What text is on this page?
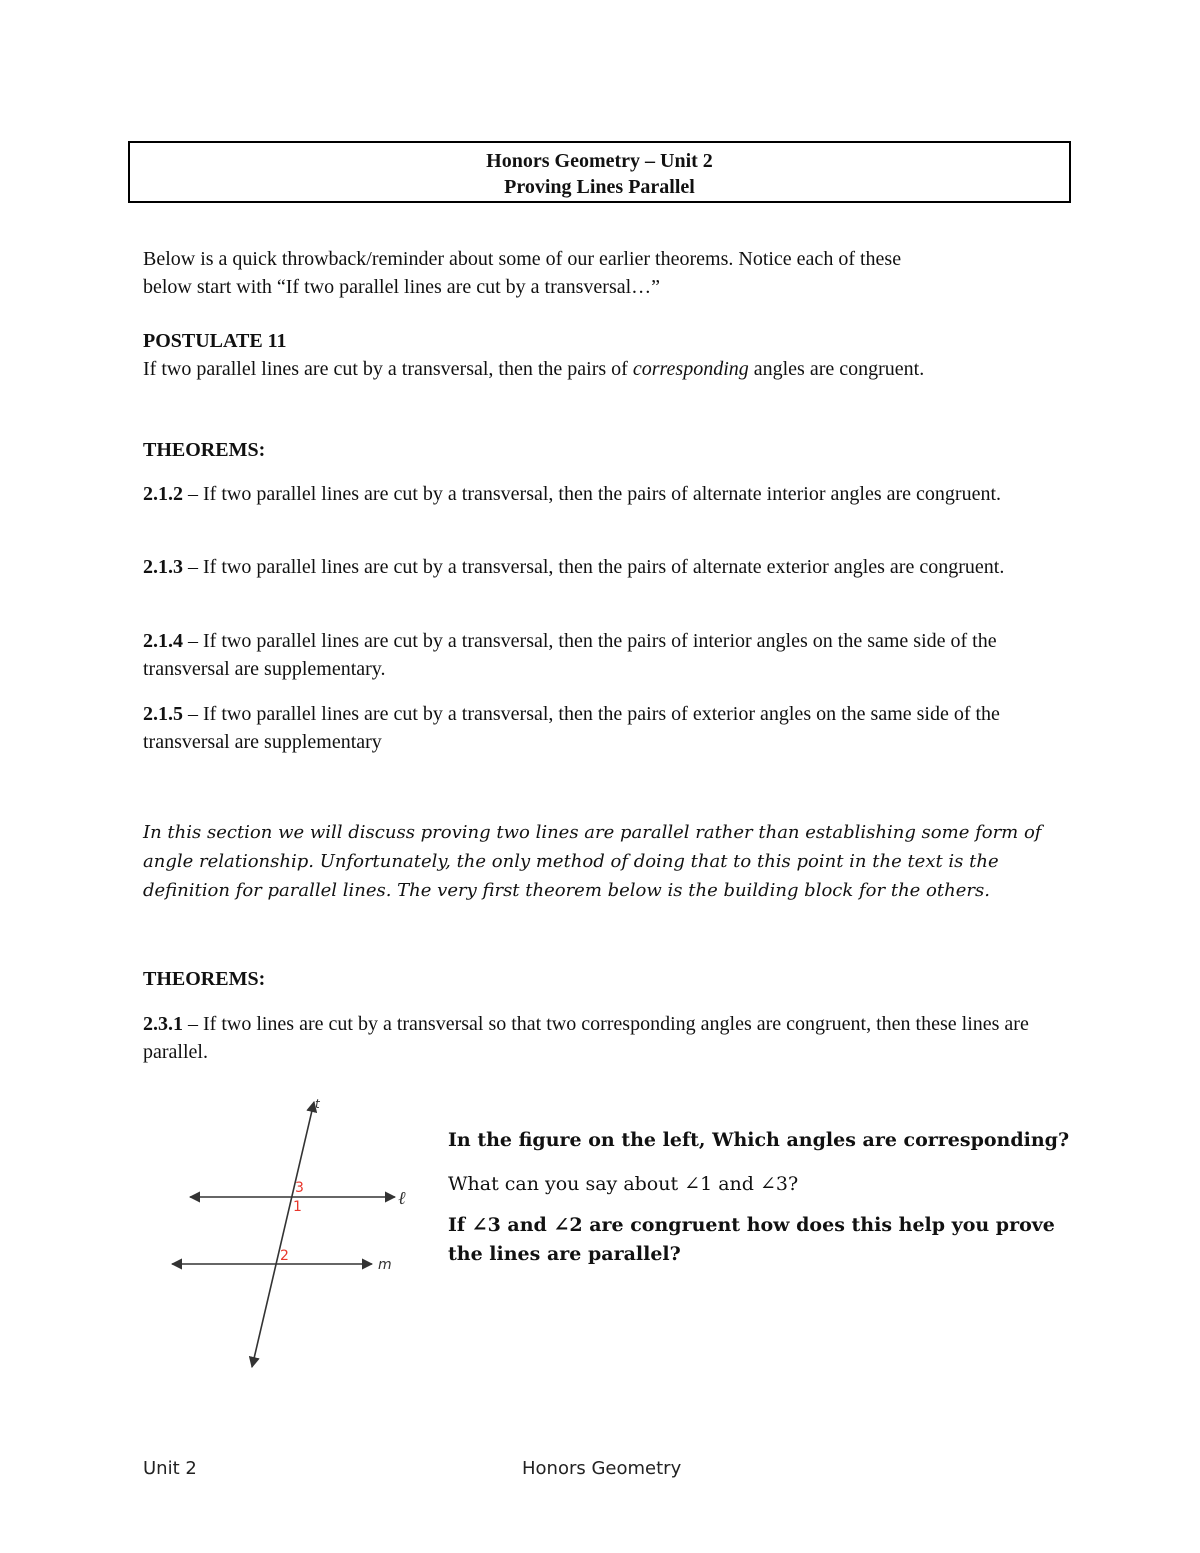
Honors Geometry – Unit 2
Proving Lines Parallel

Below is a quick throwback/reminder about some of our earlier theorems. Notice each of these
below start with “If two parallel lines are cut by a transversal…”

POSTULATE 11

If two parallel lines are cut by a transversal, then the pairs of corresponding angles are congruent.

THEOREMS:

2.1.2 – If two parallel lines are cut by a transversal, then the pairs of alternate interior angles are congruent.

2.1.3 – If two parallel lines are cut by a transversal, then the pairs of alternate exterior angles are congruent.

2.1.4 – If two parallel lines are cut by a transversal, then the pairs of interior angles on the same side of the transversal are supplementary.

2.1.5 – If two parallel lines are cut by a transversal, then the pairs of exterior angles on the same side of the transversal are supplementary

In this section we will discuss proving two lines are parallel rather than establishing some form of angle relationship. Unfortunately, the only method of doing that to this point in the text is the definition for parallel lines. The very first theorem below is the building block for the others.

THEOREMS:

2.3.1 – If two lines are cut by a transversal so that two corresponding angles are congruent, then these lines are parallel.

t
ℓ
m
3
1
2

In the figure on the left, Which angles are corresponding?

What can you say about ∠1 and ∠3?

If ∠3 and ∠2 are congruent how does this help you prove the lines are parallel?

Unit 2	Honors Geometry
